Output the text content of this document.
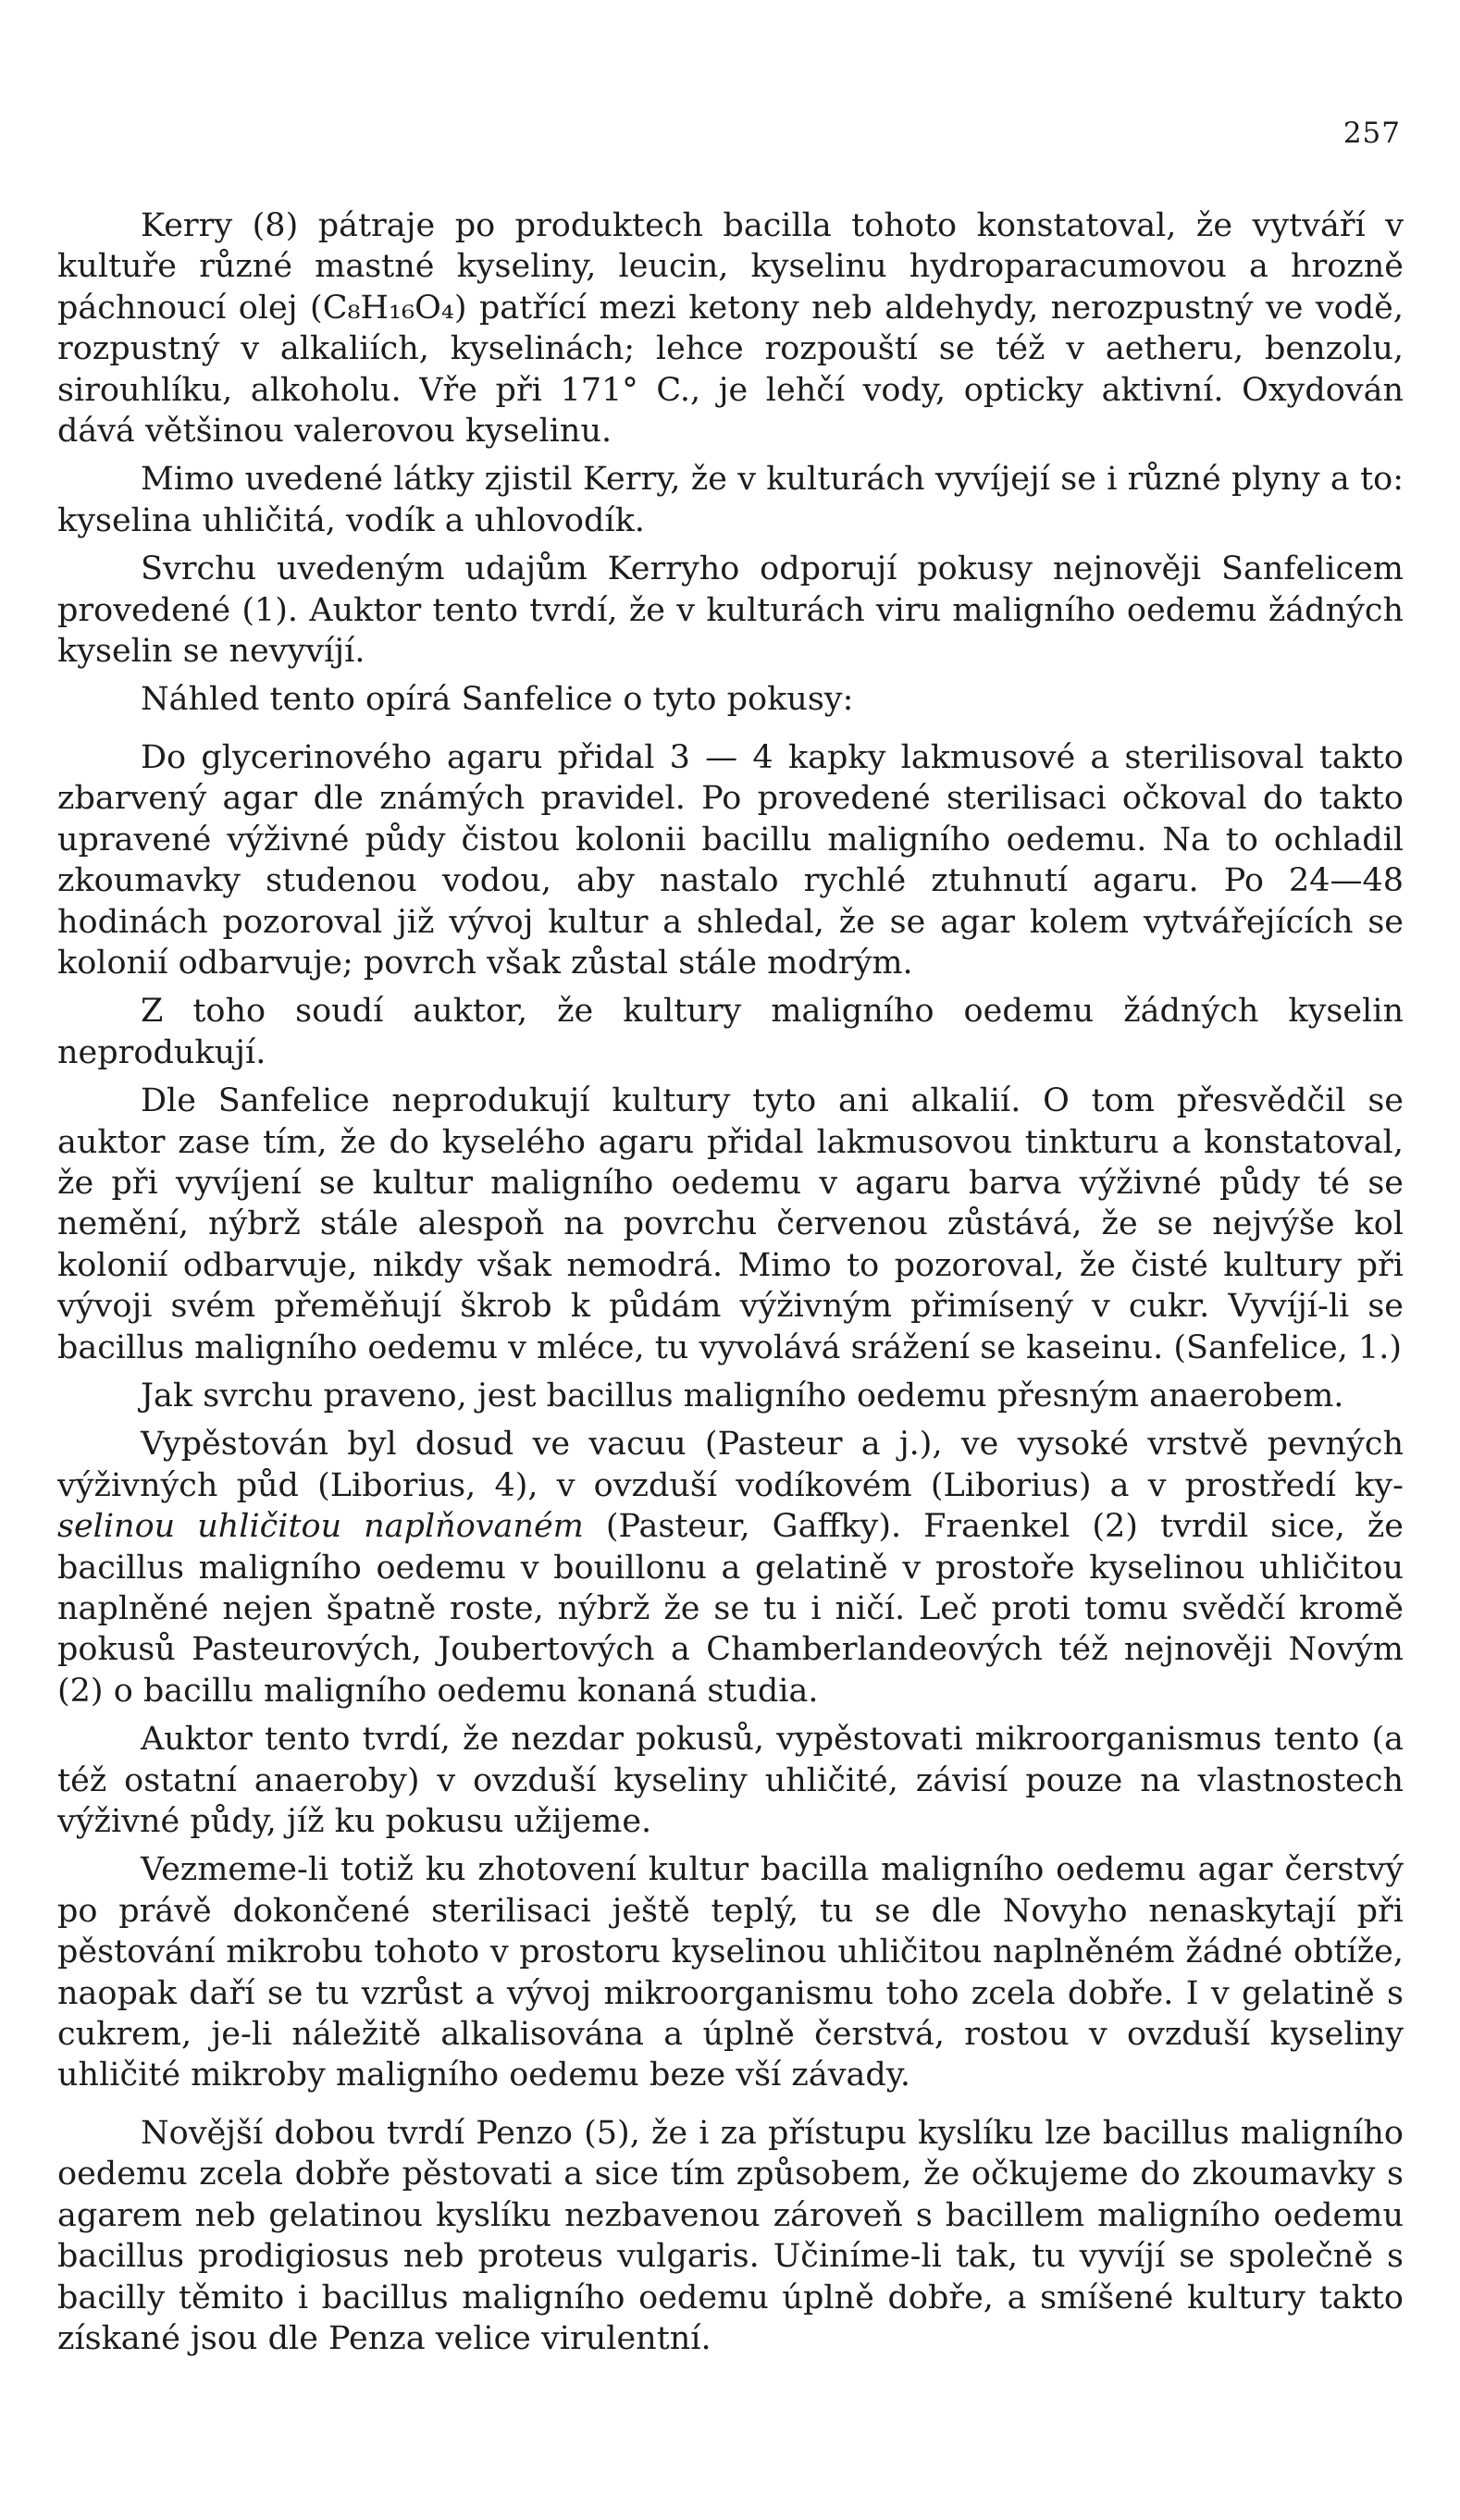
257

Kerry (8) pátraje po produktech bacilla tohoto konstatoval, že vytváří v kultuře různé mastné kyseliny, leucin, kyselinu hydroparacumovou a hrozně páchnoucí olej (C₈H₁₆O₄) patřící mezi ketony neb aldehydy, nerozpustný ve vodě, rozpustný v alkaliích, kyselinách; lehce rozpouští se též v aetheru, benzolu, sirouhlíku, alkoholu. Vře při 171° C., je lehčí vody, opticky aktivní. Oxydován dává většinou valerovou kyselinu.

Mimo uvedené látky zjistil Kerry, že v kulturách vyvíjejí se i různé plyny a to: kyselina uhličitá, vodík a uhlovodík.

Svrchu uvedeným udajům Kerryho odporují pokusy nejnověji Sanfelicem provedené (1). Auktor tento tvrdí, že v kulturách viru maligního oedemu žádných kyselin se nevyvíjí.

Náhled tento opírá Sanfelice o tyto pokusy:

Do glycerinového agaru přidal 3 — 4 kapky lakmusové a sterilisoval takto zbarvený agar dle známých pravidel. Po provedené sterilisaci očkoval do takto upravené výživné půdy čistou kolonii bacillu maligního oedemu. Na to ochladil zkoumavky studenou vodou, aby nastalo rychlé ztuhnutí agaru. Po 24—48 hodinách pozoroval již vývoj kultur a shledal, že se agar kolem vytvářejících se kolonií odbarvuje; povrch však zůstal stále modrým.

Z toho soudí auktor, že kultury maligního oedemu žádných kyselin neprodukují.

Dle Sanfelice neprodukují kultury tyto ani alkalií. O tom přesvědčil se auktor zase tím, že do kyselého agaru přidal lakmusovou tinkturu a konstatoval, že při vyvíjení se kultur maligního oedemu v agaru barva výživné půdy té se nemění, nýbrž stále alespoň na povrchu červenou zůstává, že se nejvýše kol kolonií odbarvuje, nikdy však nemodrá. Mimo to pozoroval, že čisté kultury při vývoji svém přeměňují škrob k půdám výživným přimísený v cukr. Vyvíjí-li se bacillus maligního oedemu v mléce, tu vyvolává srážení se kaseinu. (Sanfelice, 1.)

Jak svrchu praveno, jest bacillus maligního oedemu přesným anaerobem.

Vypěstován byl dosud ve vacuu (Pasteur a j.), ve vysoké vrstvě pevných výživných půd (Liborius, 4), v ovzduší vodíkovém (Liborius) a v prostředí ky-selinou uhličitou naplňovaném (Pasteur, Gaffky). Fraenkel (2) tvrdil sice, že bacillus maligního oedemu v bouillonu a gelatině v prostoře kyselinou uhličitou naplněné nejen špatně roste, nýbrž že se tu i ničí. Leč proti tomu svědčí kromě pokusů Pasteurových, Joubertových a Chamberlandeových též nejnověji Novým (2) o bacillu maligního oedemu konaná studia.

Auktor tento tvrdí, že nezdar pokusů, vypěstovati mikroorganismus tento (a též ostatní anaeroby) v ovzduší kyseliny uhličité, závisí pouze na vlastnostech výživné půdy, jíž ku pokusu užijeme.

Vezmeme-li totiž ku zhotovení kultur bacilla maligního oedemu agar čerstvý po právě dokončené sterilisaci ještě teplý, tu se dle Novyho nenaskytají při pěstování mikrobu tohoto v prostoru kyselinou uhličitou naplněném žádné obtíže, naopak daří se tu vzrůst a vývoj mikroorganismu toho zcela dobře. I v gelatině s cukrem, je-li náležitě alkalisována a úplně čerstvá, rostou v ovzduší kyseliny uhličité mikroby maligního oedemu beze vší závady.

Novější dobou tvrdí Penzo (5), že i za přístupu kyslíku lze bacillus maligního oedemu zcela dobře pěstovati a sice tím způsobem, že očkujeme do zkoumavky s agarem neb gelatinou kyslíku nezbavenou zároveň s bacillem maligního oedemu bacillus prodigiosus neb proteus vulgaris. Učiníme-li tak, tu vyvíjí se společně s bacilly těmito i bacillus maligního oedemu úplně dobře, a smíšené kultury takto získané jsou dle Penza velice virulentní.
